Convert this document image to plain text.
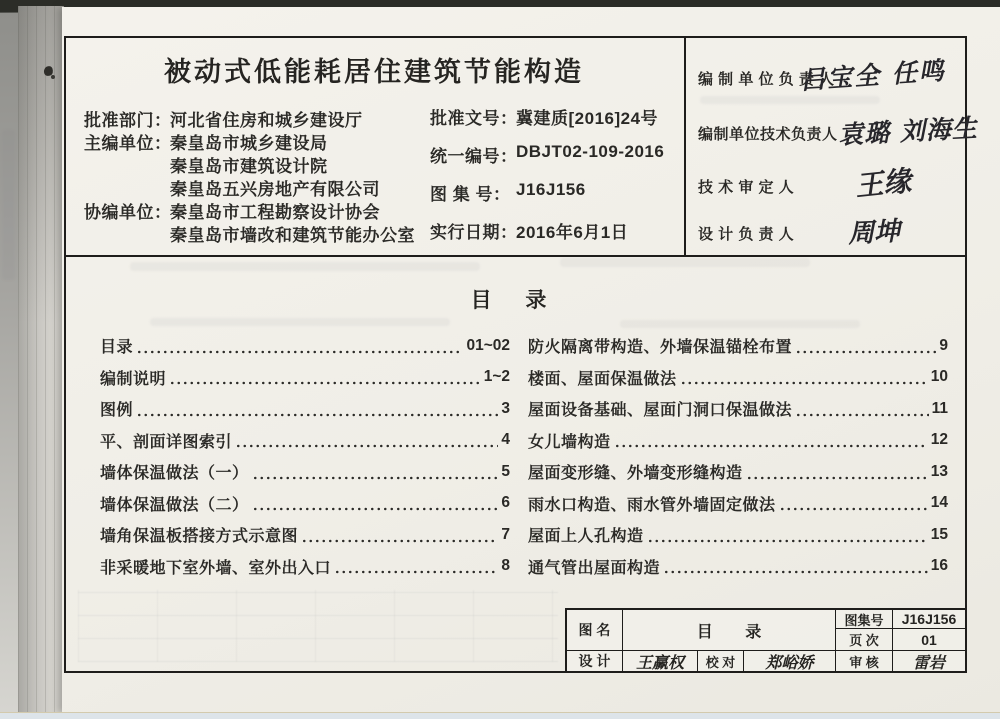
被动式低能耗居住建筑节能构造
批准部门：
河北省住房和城乡建设厅
主编单位：
秦皇岛市城乡建设局
秦皇岛市建筑设计院
秦皇岛五兴房地产有限公司
协编单位：
秦皇岛市工程勘察设计协会
秦皇岛市墙改和建筑节能办公室
批准文号：
冀建质[2016]24号
统一编号：
DBJT02-109-2016
图 集 号： J16J156
实行日期：
2016年6月1日
编 制 单 位 负 责 人
吕宝全 任鸣
编制单位技术负责人 袁璐 刘海生
技 术 审 定 人 王缘
设 计 负 责 人 周坤
目 录
目录	01~02
编制说明	1~2
图例	3
平、剖面详图索引	4
墙体保温做法（一）	5
墙体保温做法（二）	6
墙角保温板搭接方式示意图	7
非采暖地下室外墙、室外出入口	8
防火隔离带构造、外墙保温锚栓布置	9
楼面、屋面保温做法	10
屋面设备基础、屋面门洞口保温做法	11
女儿墙构造	12
屋面变形缝、外墙变形缝构造	13
雨水口构造、雨水管外墙固定做法	14
屋面上人孔构造	15
通气管出屋面构造	16
图 名	目 录
图集号	J16J156
页 次	01
设 计	王赢权	校 对	郑峪娇	审 核	雷岩
